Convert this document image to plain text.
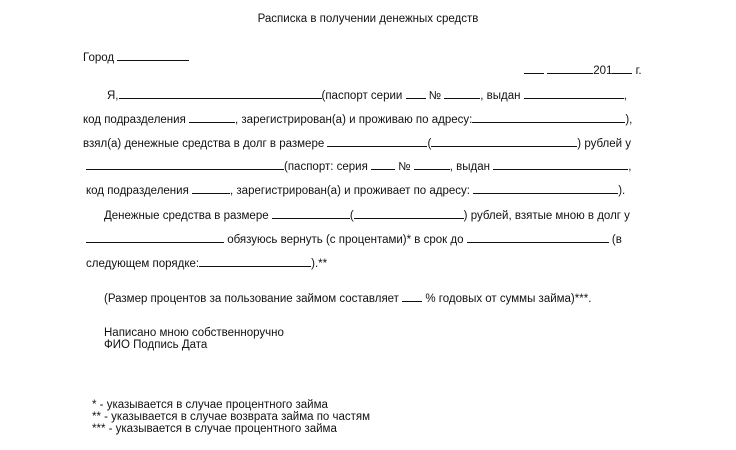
Расписка в получении денежных средств
Город
201 г.
Я,	(паспорт серии №	, выдан	,
код подразделения	, зарегистрирован(а) и проживаю по адресу:	),
взял(а) денежные средства в долг в размере	(	) рублей у
(паспорт: серия	№	, выдан	,
код подразделения	, зарегистрирован(а) и проживает по адресу:	).
Денежные средства в размере	(	) рублей, взятые мною в долг у
обязуюсь вернуть (с процентами)* в срок до	(в
следующем порядке:	).**
(Размер процентов за пользование займом составляет % годовых от суммы займа)***.
Написано мною собственноручно
ФИО Подпись Дата
* - указывается в случае процентного займа
** - указывается в случае возврата займа по частям
*** - указывается в случае процентного займа
